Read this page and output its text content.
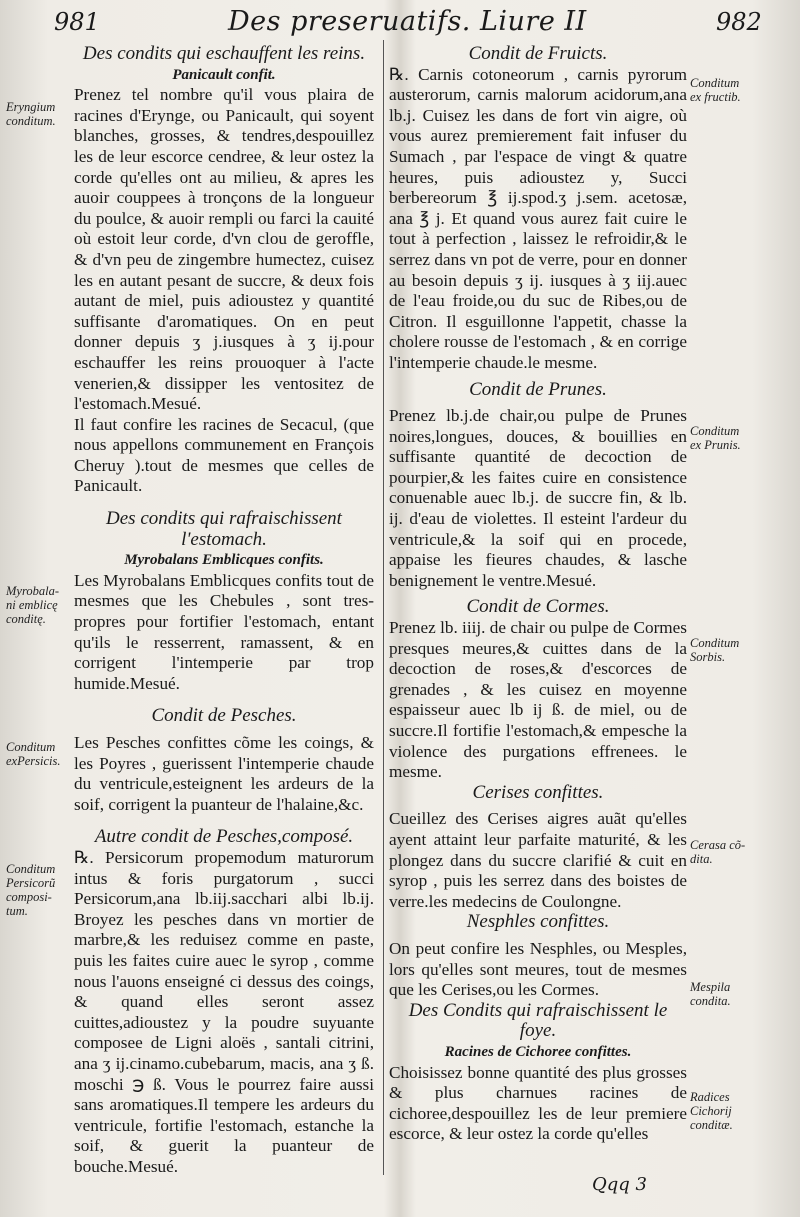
981	Des preseruatifs. Liure II	982

Des condits qui eschauffent les reins.

Panicault confit.

Prenez tel nombre qu'il vous plaira de racines d'Erynge, ou Panicault, qui soyent blanches, grosses, & tendres,despouillez les de leur escorce cendree, & leur ostez la corde qu'elles ont au milieu, & apres les auoir couppees à tronçons de la longueur du poulce, & auoir rempli ou farci la cauité où estoit leur corde, d'vn clou de geroffle, & d'vn peu de zingembre humectez, cuisez les en autant pesant de succre, & deux fois autant de miel, puis adioustez y quantité suffisante d'aromatiques. On en peut donner depuis ʒ j.iusques à ʒ ij.pour eschauffer les reins prouoquer à l'acte venerien,& dissipper les ventositez de l'estomach.Mesué.

Il faut confire les racines de Secacul, (que nous appellons communement en François Cheruy ).tout de mesmes que celles de Panicault.

Des condits qui rafraischissent l'estomach.

Myrobalans Emblicques confits.

Les Myrobalans Emblicques confits tout de mesmes que les Chebules , sont tres-propres pour fortifier l'estomach, entant qu'ils le resserrent, ramassent, & en corrigent l'intemperie par trop humide.Mesué.

Condit de Pesches.

Les Pesches confittes cõme les coings, & les Poyres , guerissent l'intemperie chaude du ventricule,esteignent les ardeurs de la soif, corrigent la puanteur de l'halaine,&c.

Autre condit de Pesches,composé.

℞. Persicorum propemodum maturorum intus & foris purgatorum , succi Persicorum,ana lb.iij.sacchari albi lb.ij. Broyez les pesches dans vn mortier de marbre,& les reduisez comme en paste, puis les faites cuire auec le syrop , comme nous l'auons enseigné ci dessus des coings, & quand elles seront assez cuittes,adioustez y la poudre suyuante composee de Ligni aloës , santali citrini, ana ʒ ij.cinamo.cubebarum, macis, ana ʒ ß. moschi ℈ ß. Vous le pourrez faire aussi sans aromatiques.Il tempere les ardeurs du ventricule, fortifie l'estomach, estanche la soif, & guerit la puanteur de bouche.Mesué.

Condit de Fruicts.

℞. Carnis cotoneorum , carnis pyrorum austerorum, carnis malorum acidorum,ana lb.j. Cuisez les dans de fort vin aigre, où vous aurez premierement fait infuser du Sumach , par l'espace de vingt & quatre heures, puis adioustez y, Succi berbereorum ℥ ij.spod.ʒ j.sem. acetosæ, ana ℥ j. Et quand vous aurez fait cuire le tout à perfection , laissez le refroidir,& le serrez dans vn pot de verre, pour en donner au besoin depuis ʒ ij. iusques à ʒ iij.auec de l'eau froide,ou du suc de Ribes,ou de Citron. Il esguillonne l'appetit, chasse la cholere rousse de l'estomach , & en corrige l'intemperie chaude.le mesme.

Condit de Prunes.

Prenez lb.j.de chair,ou pulpe de Prunes noires,longues, douces, & bouillies en suffisante quantité de decoction de pourpier,& les faites cuire en consistence conuenable auec lb.j. de succre fin, & lb. ij. d'eau de violettes. Il esteint l'ardeur du ventricule,& la soif qui en procede, appaise les fieures chaudes, & lasche benignement le ventre.Mesué.

Condit de Cormes.

Prenez lb. iiij. de chair ou pulpe de Cormes presques meures,& cuittes dans de la decoction de roses,& d'escorces de grenades , & les cuisez en moyenne espaisseur auec lb ij ß. de miel, ou de succre.Il fortifie l'estomach,& empesche la violence des purgations effrenees. le mesme.

Cerises confittes.

Cueillez des Cerises aigres auãt qu'elles ayent attaint leur parfaite maturité, & les plongez dans du succre clarifié & cuit en syrop , puis les serrez dans des boistes de verre.les medecins de Coulongne.

Nesphles confittes.

On peut confire les Nesphles, ou Mesples, lors qu'elles sont meures, tout de mesmes que les Cerises,ou les Cormes.

Des Condits qui rafraischissent le foye.

Racines de Cichoree confittes.

Choisissez bonne quantité des plus grosses & plus charnues racines de cichoree,despouillez les de leur premiere escorce, & leur ostez la corde qu'elles

Eryngium
conditum.
Myrobala-
ni emblicę
conditę.
Conditum
exPersicis.
Conditum
Persicorũ
composi-
tum.
Conditum
ex fructib.
Conditum
ex Prunis.
Conditum
Sorbis.
Cerasa cõ-
dita.
Mespila
condita.
Radices
Cichorij
conditæ.
Qqq 3
